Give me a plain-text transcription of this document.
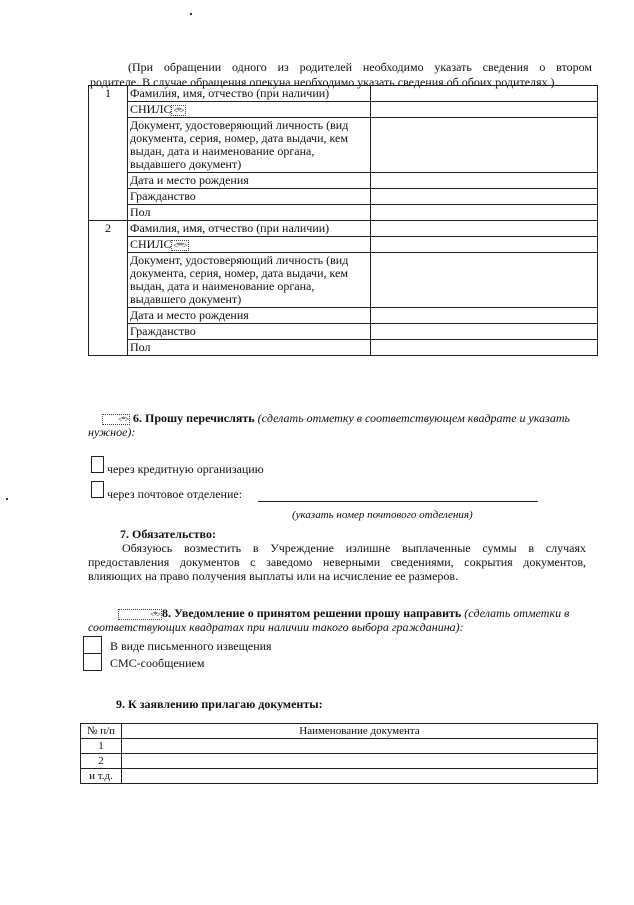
(При обращении одного из родителей необходимо указать сведения о втором
родителе. В случае обращения опекуна необходимо указать сведения об обоих родителях.)
1	Фамилия, имя, отчество (при наличии)	
	СНИЛС <*>	
	Документ, удостоверяющий личность (вид документа, серия, номер, дата выдачи, кем выдан, дата и наименование органа, выдавшего документ)	
	Дата и место рождения	
	Гражданство	
	Пол	
2	Фамилия, имя, отчество (при наличии)	
	СНИЛС <**>	
	Документ, удостоверяющий личность (вид документа, серия, номер, дата выдачи, кем выдан, дата и наименование органа, выдавшего документ)	
	Дата и место рождения	
	Гражданство	
	Пол	
<*> 6. Прошу перечислять (сделать отметку в соответствующем квадрате и указать нужное):
через кредитную организацию
через почтовое отделение:
(указать номер почтового отделения)
7. Обязательство:
Обязуюсь возместить в Учреждение излишне выплаченные суммы в случаях предоставления документов с заведомо неверными сведениями, сокрытия документов, влияющих на право получения выплаты или на исчисление ее размеров.
<*> 8. Уведомление о принятом решении прошу направить (сделать отметки в соответствующих квадратах при наличии такого выбора гражданина):
В виде письменного извещения
СМС-сообщением
9. К заявлению прилагаю документы:
№ п/п	Наименование документа
1	
2	
и т.д.	
